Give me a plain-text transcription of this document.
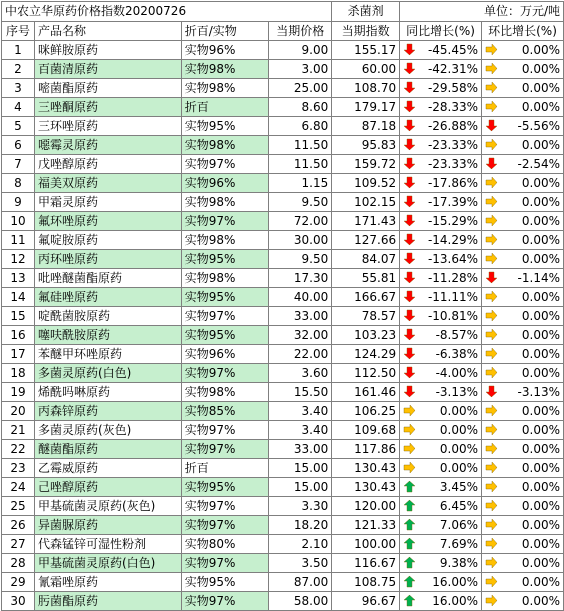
中农立华原药价格指数20200726				杀菌剂	单位：万元/吨	
序号	产品名称	折百/实物	当期价格	当期指数	同比增长(%)	环比增长(%)
1	咪鲜胺原药	实物96%	9.00	155.17	-45.45%	0.00%

2	百菌清原药	实物98%	3.00	60.00	-42.31%	0.00%

3	嘧菌酯原药	实物98%	25.00	108.70	-29.58%	0.00%

4	三唑酮原药	折百	8.60	179.17	-28.33%	0.00%

5	三环唑原药	实物95%	6.80	87.18	-26.88%	-5.56%

6	噁霉灵原药	实物98%	11.50	95.83	-23.33%	0.00%

7	戊唑醇原药	实物97%	11.50	159.72	-23.33%	-2.54%

8	福美双原药	实物96%	1.15	109.52	-17.86%	0.00%

9	甲霜灵原药	实物98%	9.50	102.15	-17.39%	0.00%

10	氟环唑原药	实物97%	72.00	171.43	-15.29%	0.00%

11	氟啶胺原药	实物98%	30.00	127.66	-14.29%	0.00%

12	丙环唑原药	实物95%	9.50	84.07	-13.64%	0.00%

13	吡唑醚菌酯原药	实物98%	17.30	55.81	-11.28%	-1.14%

14	氟硅唑原药	实物95%	40.00	166.67	-11.11%	0.00%

15	啶酰菌胺原药	实物97%	33.00	78.57	-10.81%	0.00%

16	噻呋酰胺原药	实物95%	32.00	103.23	-8.57%	0.00%

17	苯醚甲环唑原药	实物96%	22.00	124.29	-6.38%	0.00%

18	多菌灵原药(白色)	实物97%	3.60	112.50	-4.00%	0.00%

19	烯酰吗啉原药	实物98%	15.50	161.46	-3.13%	-3.13%

20	丙森锌原药	实物85%	3.40	106.25	0.00%	0.00%

21	多菌灵原药(灰色)	实物97%	3.40	109.68	0.00%	0.00%

22	醚菌酯原药	实物97%	33.00	117.86	0.00%	0.00%

23	乙霉威原药	折百	15.00	130.43	0.00%	0.00%

24	己唑醇原药	实物95%	15.00	130.43	3.45%	0.00%

25	甲基硫菌灵原药(灰色)	实物97%	3.30	120.00	6.45%	0.00%

26	异菌脲原药	实物97%	18.20	121.33	7.06%	0.00%

27	代森锰锌可湿性粉剂	实物80%	2.10	100.00	7.69%	0.00%

28	甲基硫菌灵原药(白色)	实物97%	3.50	116.67	9.38%	0.00%

29	氰霜唑原药	实物95%	87.00	108.75	16.00%	0.00%

30	肟菌酯原药	实物97%	58.00	96.67	16.00%	0.00%
